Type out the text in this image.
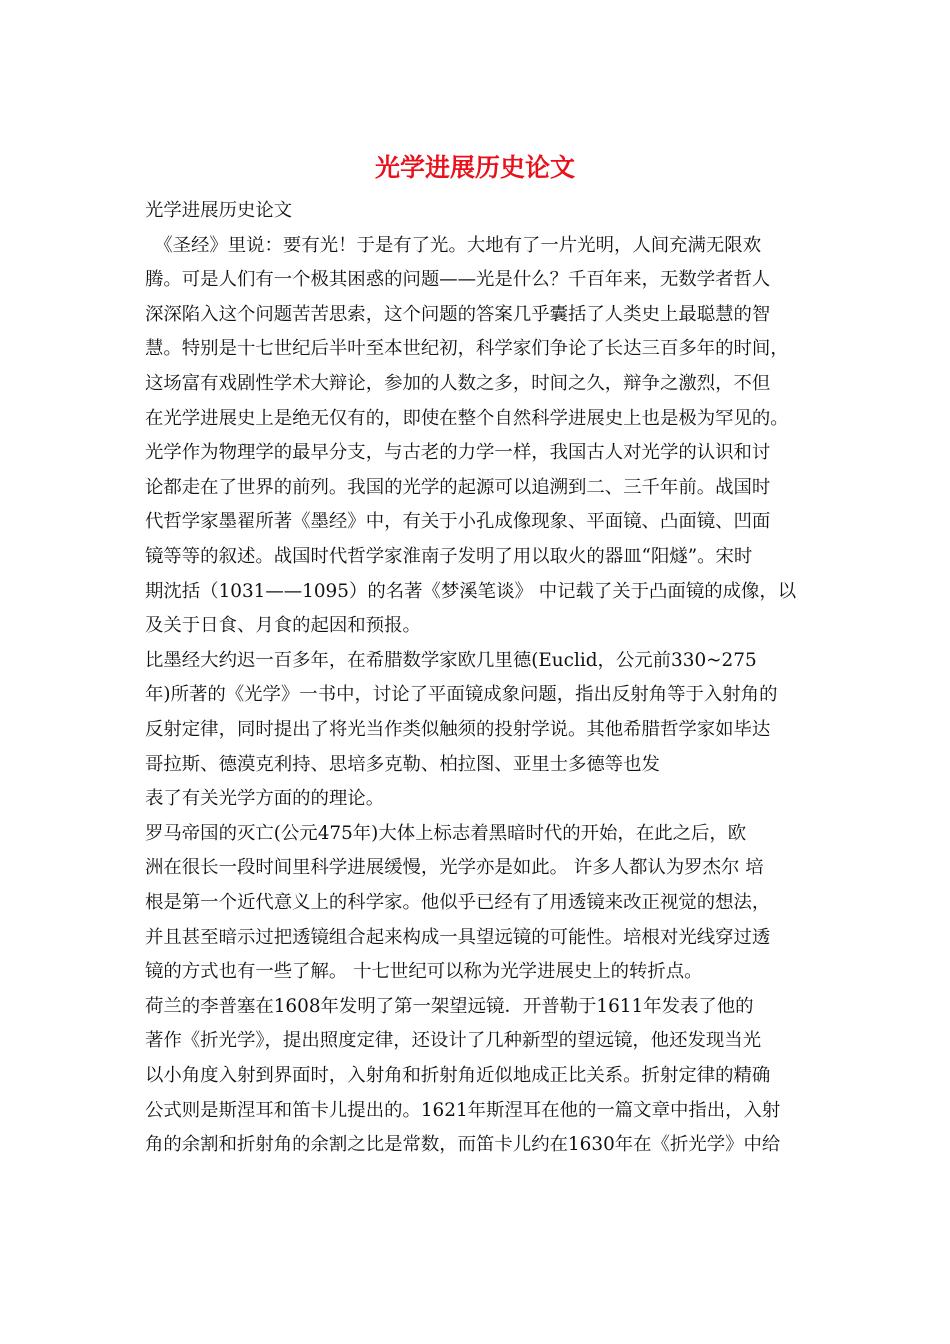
光学进展历史论文

光学进展历史论文

　《圣经》里说：要有光！于是有了光。大地有了一片光明，人间充满无限欢

腾。可是人们有一个极其困惑的问题——光是什么？千百年来，无数学者哲人

深深陷入这个问题苦苦思索，这个问题的答案几乎囊括了人类史上最聪慧的智

慧。特别是十七世纪后半叶至本世纪初，科学家们争论了长达三百多年的时间，

这场富有戏剧性学术大辩论，参加的人数之多，时间之久，辩争之激烈，不但

在光学进展史上是绝无仅有的，即使在整个自然科学进展史上也是极为罕见的。

光学作为物理学的最早分支，与古老的力学一样，我国古人对光学的认识和讨

论都走在了世界的前列。我国的光学的起源可以追溯到二、三千年前。战国时

代哲学家墨翟所著《墨经》中，有关于小孔成像现象、平面镜、凸面镜、凹面

镜等等的叙述。战国时代哲学家淮南子发明了用以取火的器皿“阳燧”。宋时

期沈括（1031——1095）的名著《梦溪笔谈》 中记载了关于凸面镜的成像，以

及关于日食、月食的起因和预报。

比墨经大约迟一百多年，在希腊数学家欧几里德(Euclid，公元前330~275

年)所著的《光学》一书中，讨论了平面镜成象问题，指出反射角等于入射角的

反射定律，同时提出了将光当作类似触须的投射学说。其他希腊哲学家如毕达

哥拉斯、德漠克利持、思培多克勒、柏拉图、亚里士多德等也发

表了有关光学方面的的理论。

罗马帝国的灭亡(公元475年)大体上标志着黑暗时代的开始，在此之后，欧

洲在很长一段时间里科学进展缓慢，光学亦是如此。 许多人都认为罗杰尔 培

根是第一个近代意义上的科学家。他似乎已经有了用透镜来改正视觉的想法，

并且甚至暗示过把透镜组合起来构成一具望远镜的可能性。培根对光线穿过透

镜的方式也有一些了解。 十七世纪可以称为光学进展史上的转折点。

荷兰的李普塞在1608年发明了第一架望远镜．开普勒于1611年发表了他的

著作《折光学》，提出照度定律，还设计了几种新型的望远镜，他还发现当光

以小角度入射到界面时，入射角和折射角近似地成正比关系。折射定律的精确

公式则是斯涅耳和笛卡儿提出的。1621年斯涅耳在他的一篇文章中指出，入射

角的余割和折射角的余割之比是常数，而笛卡儿约在1630年在《折光学》中给
